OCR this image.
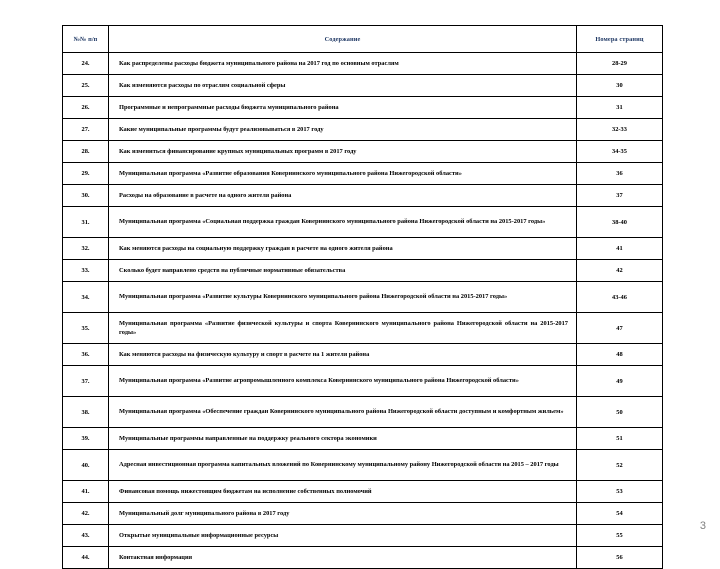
№№ п/п	Содержание	Номера страниц
24.	Как распределены расходы бюджета муниципального района на 2017 год по основным отраслям	28-29
25.	Как изменяются расходы по отраслям социальной сферы	30
26.	Программные и непрограммные расходы бюджета муниципального района	31
27.	Какие муниципальные программы будут реализовываться в 2017 году	32-33
28.	Как измениться финансирование крупных муниципальных программ в 2017 году	34-35
29.	Муниципальная программа «Развитие образования Ковернинского муниципального района Нижегородской области»	36
30.	Расходы на образование в расчете на одного жителя района	37
31.	Муниципальная программа «Социальная поддержка граждан Ковернинского муниципального района Нижегородской области на 2015-2017 годы»	38-40
32.	Как меняются расходы на социальную поддержку граждан в расчете на одного жителя района	41
33.	Сколько будет направлено средств на публичные нормативные обязательства	42
34.	Муниципальная программа «Развитие культуры Ковернинского муниципального района Нижегородской области на 2015-2017 годы»	43-46
35.	Муниципальная программа «Развитие физической культуры и спорта Ковернинского муниципального района Нижегородской области на 2015-2017 годы»	47
36.	Как меняются расходы на физическую культуру и спорт в расчете на 1 жителя района	48
37.	Муниципальная программа «Развитие агропромышленного комплекса Ковернинского муниципального района Нижегородской области»	49
38.	Муниципальная программа «Обеспечение граждан Ковернинского муниципального района Нижегородской области доступным и комфортным жильем»	50
39.	Муниципальные программы направленные на поддержку реального сектора экономики	51
40.	Адресная инвестиционная программа капитальных вложений по Ковернинскому муниципальному району Нижегородской области на 2015 – 2017 годы	52
41.	Финансовая помощь нижестоящим бюджетам на исполнение собственных полномочий	53
42.	Муниципальный долг муниципального района в 2017 году	54
43.	Открытые муниципальные информационные ресурсы	55
44.	Контактная информация	56
3
